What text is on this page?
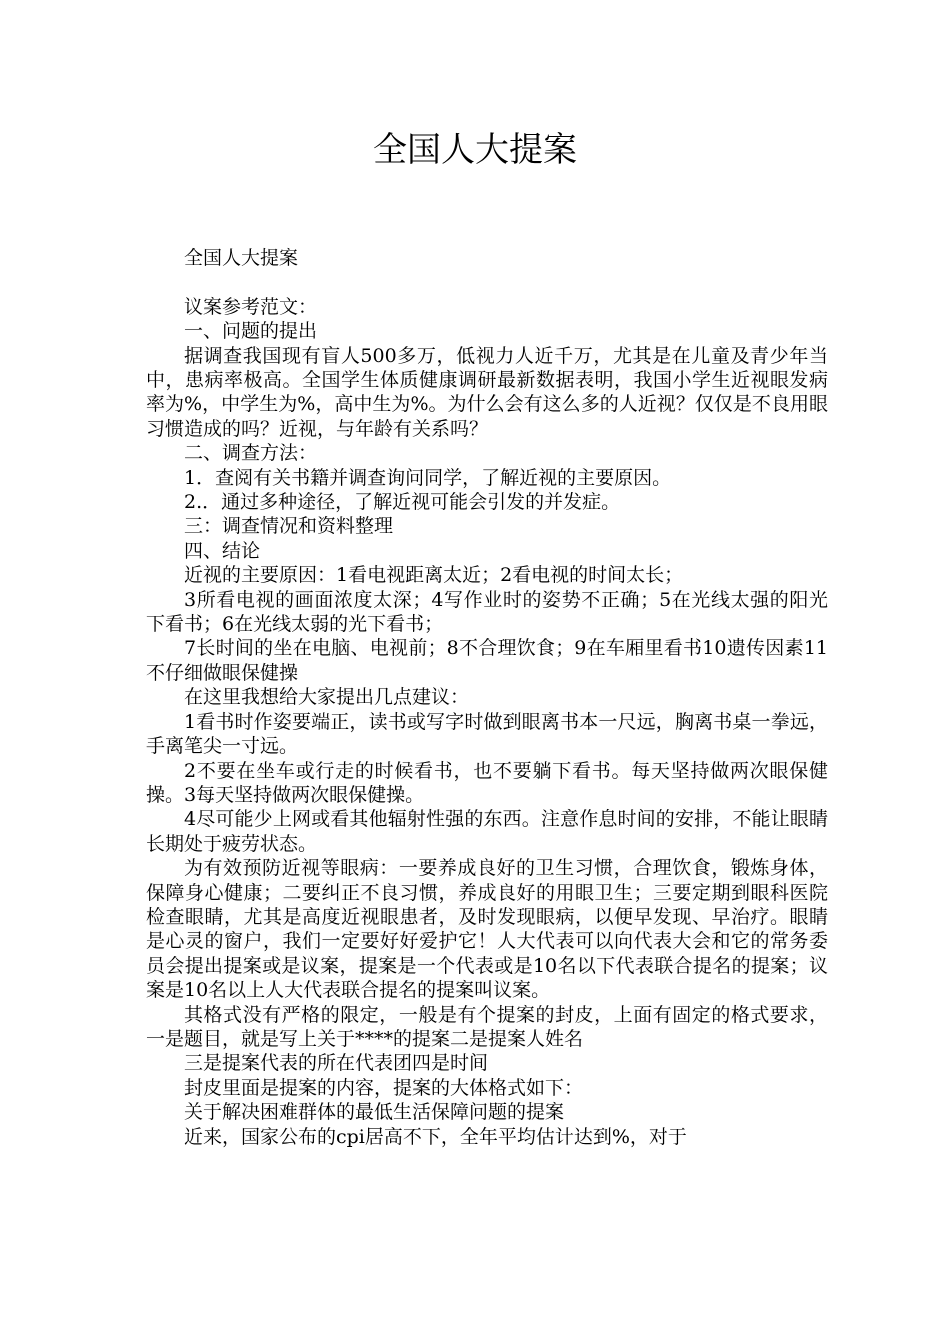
全国人大提案

全国人大提案

议案参考范文：

一、问题的提出

据调查我国现有盲人500多万，低视力人近千万，尤其是在儿童及青少年当中，患病率极高。全国学生体质健康调研最新数据表明，我国小学生近视眼发病率为%，中学生为%，高中生为%。为什么会有这么多的人近视？仅仅是不良用眼习惯造成的吗？近视，与年龄有关系吗？

二、调查方法：

1．查阅有关书籍并调查询问同学，了解近视的主要原因。

2.．通过多种途径，了解近视可能会引发的并发症。

三：调查情况和资料整理

四、结论

近视的主要原因：1看电视距离太近；2看电视的时间太长；

3所看电视的画面浓度太深；4写作业时的姿势不正确；5在光线太强的阳光下看书；6在光线太弱的光下看书；

7长时间的坐在电脑、电视前；8不合理饮食；9在车厢里看书10遗传因素11不仔细做眼保健操

在这里我想给大家提出几点建议：

1看书时作姿要端正，读书或写字时做到眼离书本一尺远，胸离书桌一拳远，手离笔尖一寸远。

2不要在坐车或行走的时候看书，也不要躺下看书。每天坚持做两次眼保健操。3每天坚持做两次眼保健操。

4尽可能少上网或看其他辐射性强的东西。注意作息时间的安排，不能让眼睛长期处于疲劳状态。

为有效预防近视等眼病：一要养成良好的卫生习惯，合理饮食，锻炼身体，保障身心健康；二要纠正不良习惯，养成良好的用眼卫生；三要定期到眼科医院检查眼睛，尤其是高度近视眼患者，及时发现眼病，以便早发现、早治疗。眼睛是心灵的窗户，我们一定要好好爱护它！人大代表可以向代表大会和它的常务委员会提出提案或是议案，提案是一个代表或是10名以下代表联合提名的提案；议案是10名以上人大代表联合提名的提案叫议案。

其格式没有严格的限定，一般是有个提案的封皮，上面有固定的格式要求，一是题目，就是写上关于****的提案二是提案人姓名

三是提案代表的所在代表团四是时间

封皮里面是提案的内容，提案的大体格式如下：

关于解决困难群体的最低生活保障问题的提案

近来，国家公布的cpi居高不下，全年平均估计达到%，对于
